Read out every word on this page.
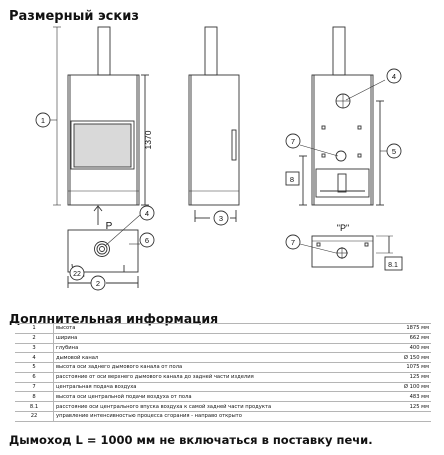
Размерный эскиз
1
1370
P
3
4
7
5
8
4
6
2
22
"P"
7
8.1
Доплнительная информация
1	высота	1875 мм
2	ширина	662 мм
3	глубина	400 мм
4	дымовой канал	Ø 150 мм
5	высота оси заднего дымового канала от пола	1075 мм
6	расстояние от оси верхнего дымового канала до задней части изделия	125 мм
7	центральная подача воздуха	Ø 100 мм
8	высота оси центральной подачи воздуха от пола	483 мм
8.1	расстояние оси центрального впуска воздуха к самой задней части продукта	125 мм
22	управление интенсивностью процесса сгорания - направо открыто	
Дымоход L = 1000 мм не включаться в поставку печи.
